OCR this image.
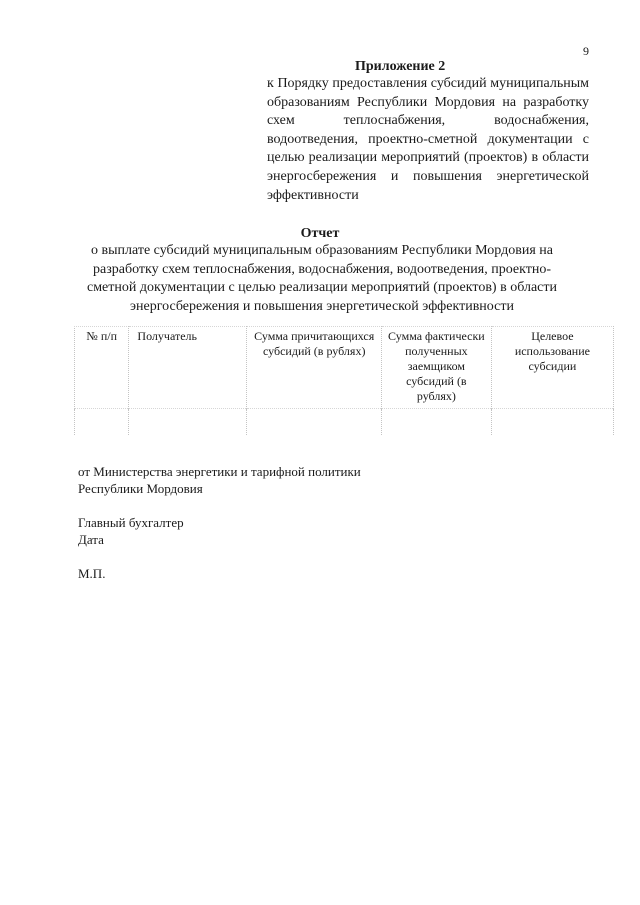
9
Приложение 2
к Порядку предоставления субсидий муниципальным образованиям Республики Мордовия на разработку схем теплоснабжения, водоснабжения, водоотведения, проектно-сметной документации с целью реализации мероприятий (проектов) в области энергосбережения и повышения энергетической эффективности
Отчет
о выплате субсидий муниципальным образованиям Республики Мордовия на разработку схем теплоснабжения, водоснабжения, водоотведения, проектно-сметной документации с целью реализации мероприятий (проектов) в области энергосбережения и повышения энергетической эффективности
№ п/п	Получатель	Сумма причитающихся субсидий (в рублях)	Сумма фактически полученных заемщиком субсидий (в рублях)	Целевое использование субсидии

от Министерства энергетики и тарифной политики
Республики Мордовия
Главный бухгалтер
Дата
М.П.
